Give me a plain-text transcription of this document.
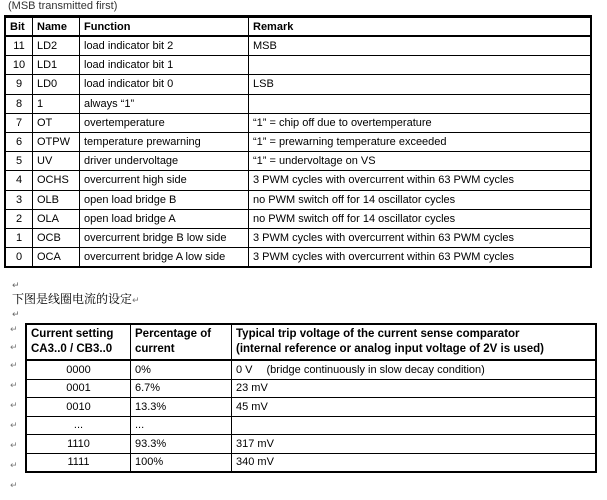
(MSB transmitted first)
Bit	Name	Function	Remark
11	LD2	load indicator bit 2	MSB
10	LD1	load indicator bit 1	
9	LD0	load indicator bit 0	LSB
8	1	always “1”	
7	OT	overtemperature	“1” = chip off due to overtemperature
6	OTPW	temperature prewarning	“1” = prewarning temperature exceeded
5	UV	driver undervoltage	“1” = undervoltage on VS
4	OCHS	overcurrent high side	3 PWM cycles with overcurrent within 63 PWM cycles
3	OLB	open load bridge B	no PWM switch off for 14 oscillator cycles
2	OLA	open load bridge A	no PWM switch off for 14 oscillator cycles
1	OCB	overcurrent bridge B low side	3 PWM cycles with overcurrent within 63 PWM cycles
0	OCA	overcurrent bridge A low side	3 PWM cycles with overcurrent within 63 PWM cycles
↵
下图是线圈电流的设定↵
↵
↵
↵
↵
↵
↵
↵
↵
↵
↵
Current setting
CA3..0 / CB3..0	Percentage of
current	Typical trip voltage of the current sense comparator
(internal reference or analog input voltage of 2V is used)
0000	0%	0 V (bridge continuously in slow decay condition)
0001	6.7%	23 mV
0010	13.3%	45 mV
...	...	
1110	93.3%	317 mV
1111	100%	340 mV
